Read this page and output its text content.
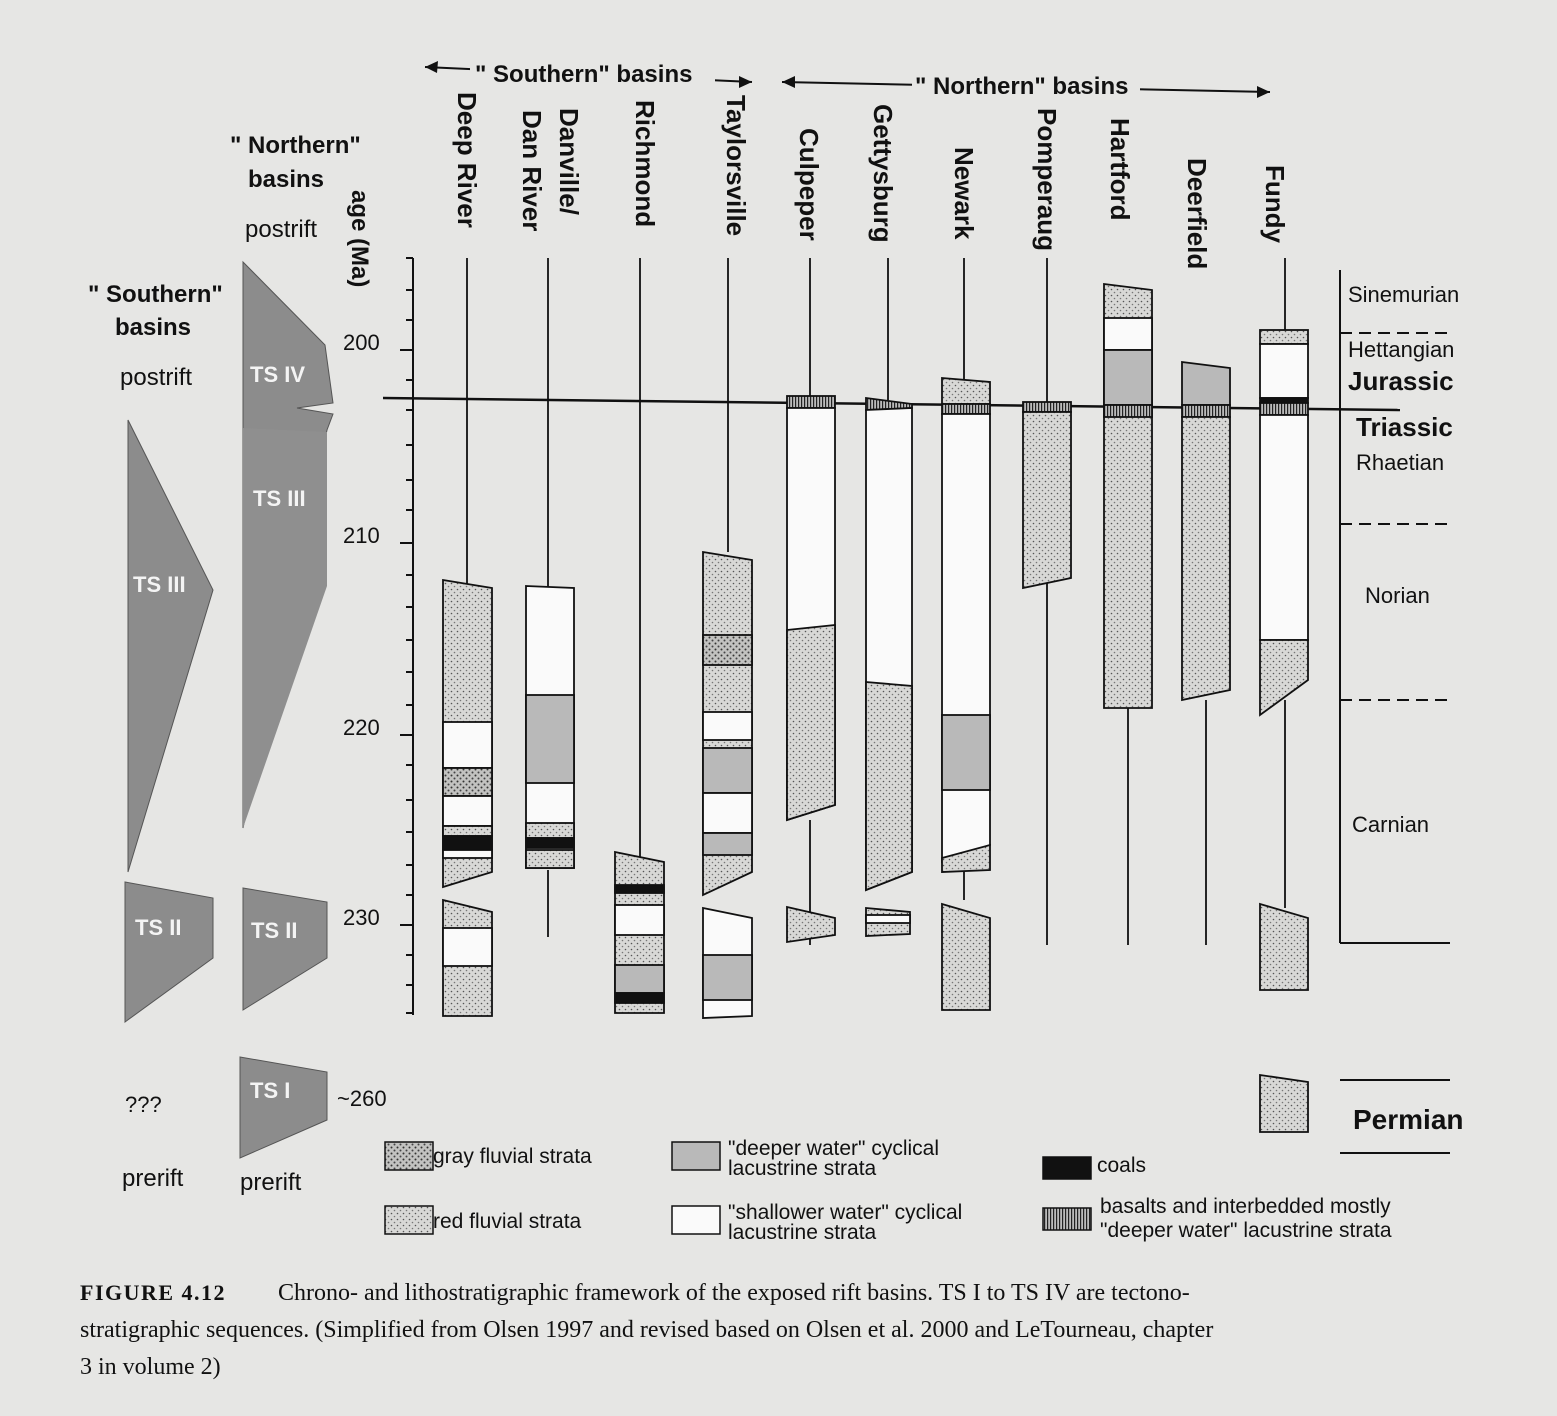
" Southern" basins	" Northern" basins
" Northern"
basins
postrift
" Southern"
basins
postrift
???
prerift prerift
TS IV
TS III
TS III
TS II
TS II
TS I
age (Ma)
200
210
220
230
~260
Deep River	Danville/
Dan River	Richmond Taylorsville Culpeper Gettysburg Newark Pomperaug Hartford Deerfield Fundy
Sinemurian
Hettangian
Jurassic
Triassic
Rhaetian
Norian
Carnian
Permian
gray fluvial strata
red fluvial strata
"deeper water" cyclical
lacustrine strata
"shallower water" cyclical
lacustrine strata
coals
basalts and interbedded mostly
"deeper water" lacustrine strata
FIGURE 4.12 Chrono- and lithostratigraphic framework of the exposed rift basins. TS I to TS IV are tectono-
stratigraphic sequences. (Simplified from Olsen 1997 and revised based on Olsen et al. 2000 and LeTourneau, chapter
3 in volume 2)
